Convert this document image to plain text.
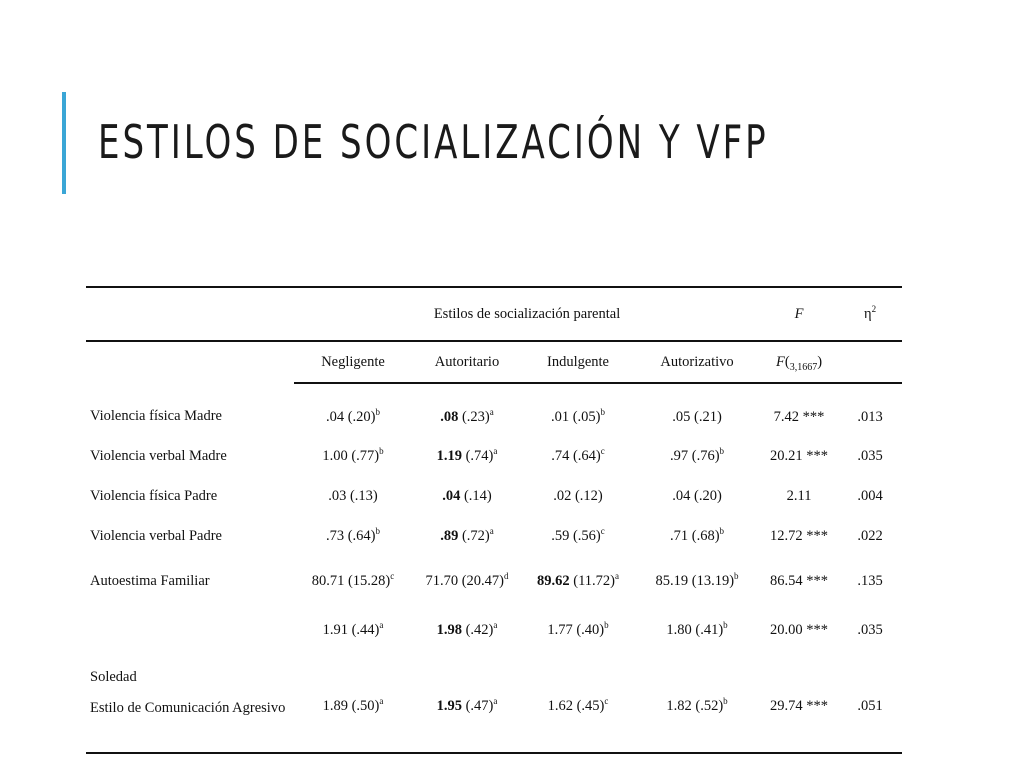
ESTILOS DE SOCIALIZACIÓN Y VFP
	Estilos de socialización parental				F	$\eta^2$
	Negligente	Autoritario	Indulgente	Autorizativo	$F(_{3,1667})$	
Violencia física Madre	.04 $(.20)^b$	.08 $(.23)^a$	.01 $(.05)^b$	.05 (.21)	7.42 ***	.013
Violencia verbal Madre	1.00 $(.77)^b$	1.19 $(.74)^a$	.74 $(.64)^c$	.97 $(.76)^b$	20.21 ***	.035
Violencia física Padre	.03 (.13)	.04 (.14)	.02 (.12)	.04 (.20)	2.11	.004
Violencia verbal Padre	.73 $(.64)^b$	.89 $(.72)^a$	.59 $(.56)^c$	.71 $(.68)^b$	12.72 ***	.022
Autoestima Familiar	80.71 $(15.28)^c$	71.70 $(20.47)^d$	89.62 $(11.72)^a$	85.19 $(13.19)^b$	86.54 ***	.135
Soledad	1.91 $(.44)^a$	1.98 $(.42)^a$	1.77 $(.40)^b$	1.80 $(.41)^b$	20.00 ***	.035
Estilo de Comunicación Agresivo	1.89 $(.50)^a$	1.95 $(.47)^a$	1.62 $(.45)^c$	1.82 $(.52)^b$	29.74 ***	.051
